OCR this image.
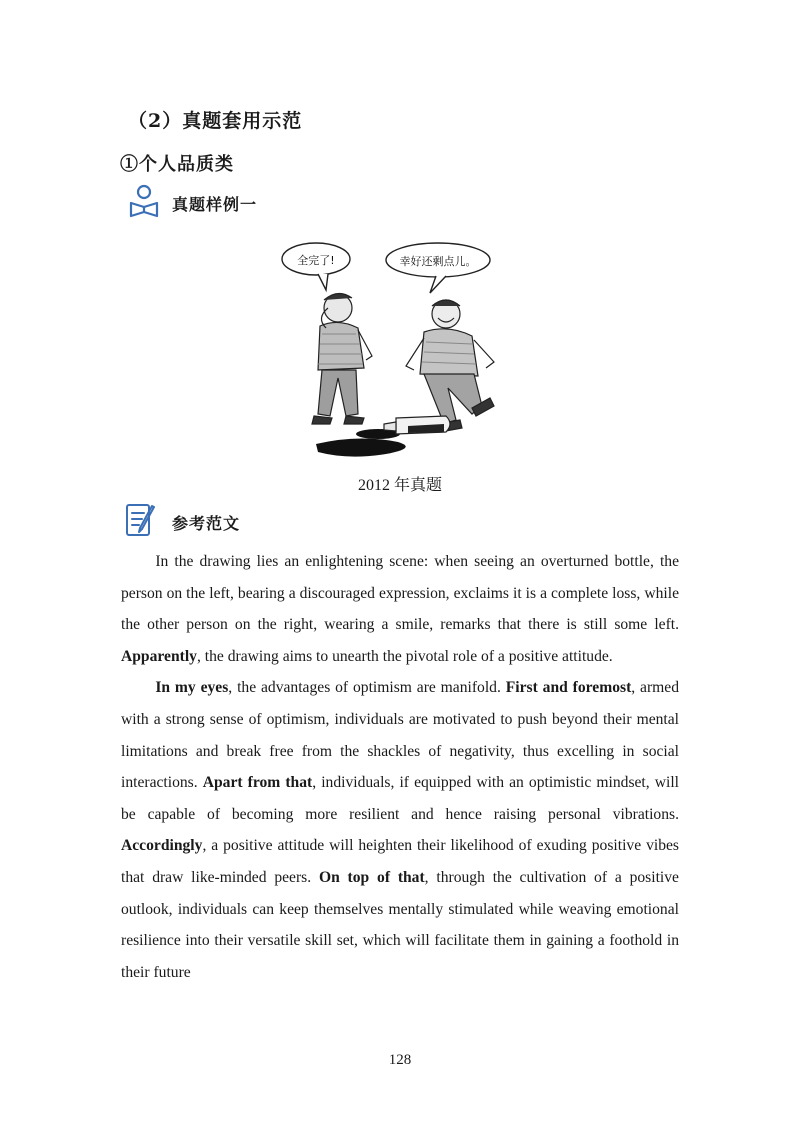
（2）真题套用示范
①个人品质类
真题样例一
全完了!	幸好还剩点儿。
2012 年真题
参考范文

In the drawing lies an enlightening scene: when seeing an overturned bottle, the person on the left, bearing a discouraged expression, exclaims it is a complete loss, while the other person on the right, wearing a smile, remarks that there is still some left. Apparently, the drawing aims to unearth the pivotal role of a positive attitude.

In my eyes, the advantages of optimism are manifold. First and foremost, armed with a strong sense of optimism, individuals are motivated to push beyond their mental limitations and break free from the shackles of negativity, thus excelling in social interactions. Apart from that, individuals, if equipped with an optimistic mindset, will be capable of becoming more resilient and hence raising personal vibrations. Accordingly, a positive attitude will heighten their likelihood of exuding positive vibes that draw like-minded peers. On top of that, through the cultivation of a positive outlook, individuals can keep themselves mentally stimulated while weaving emotional resilience into their versatile skill set, which will facilitate them in gaining a foothold in their future

128
